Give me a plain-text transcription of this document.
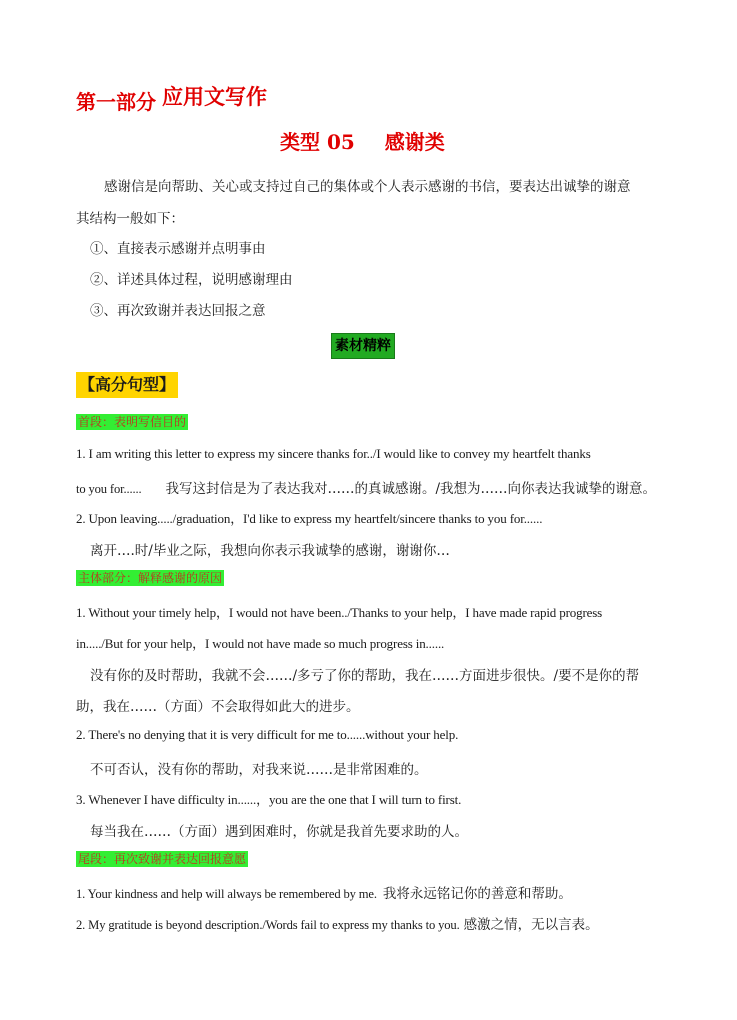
第一部分 应用文写作
类型 05 感谢类
感谢信是向帮助、关心或支持过自己的集体或个人表示感谢的书信，要表达出诚挚的谢意
其结构一般如下：
①、直接表示感谢并点明事由
②、详述具体过程，说明感谢理由
③、再次致谢并表达回报之意
素材精粹
【高分句型】
首段：表明写信目的
1. I am writing this letter to express my sincere thanks for../I would like to convey my heartfelt thanks
to you for...... 我写这封信是为了表达我对……的真诚感谢。/我想为……向你表达我诚挚的谢意。
2. Upon leaving...../graduation，I'd like to express my heartfelt/sincere thanks to you for......
离开….时/毕业之际，我想向你表示我诚挚的感谢，谢谢你…
主体部分：解释感谢的原因
1. Without your timely help，I would not have been../Thanks to your help，I have made rapid progress
in...../But for your help，I would not have made so much progress in......
没有你的及时帮助，我就不会……/多亏了你的帮助，我在……方面进步很快。/要不是你的帮
助，我在……（方面）不会取得如此大的进步。
2. There's no denying that it is very difficult for me to......without your help.
不可否认，没有你的帮助，对我来说……是非常困难的。
3. Whenever I have difficulty in......，you are the one that I will turn to first.
每当我在……（方面）遇到困难时，你就是我首先要求助的人。
尾段：再次致谢并表达回报意愿
1. Your kindness and help will always be remembered by me. 我将永远铭记你的善意和帮助。
2. My gratitude is beyond description./Words fail to express my thanks to you. 感激之情，无以言表。
